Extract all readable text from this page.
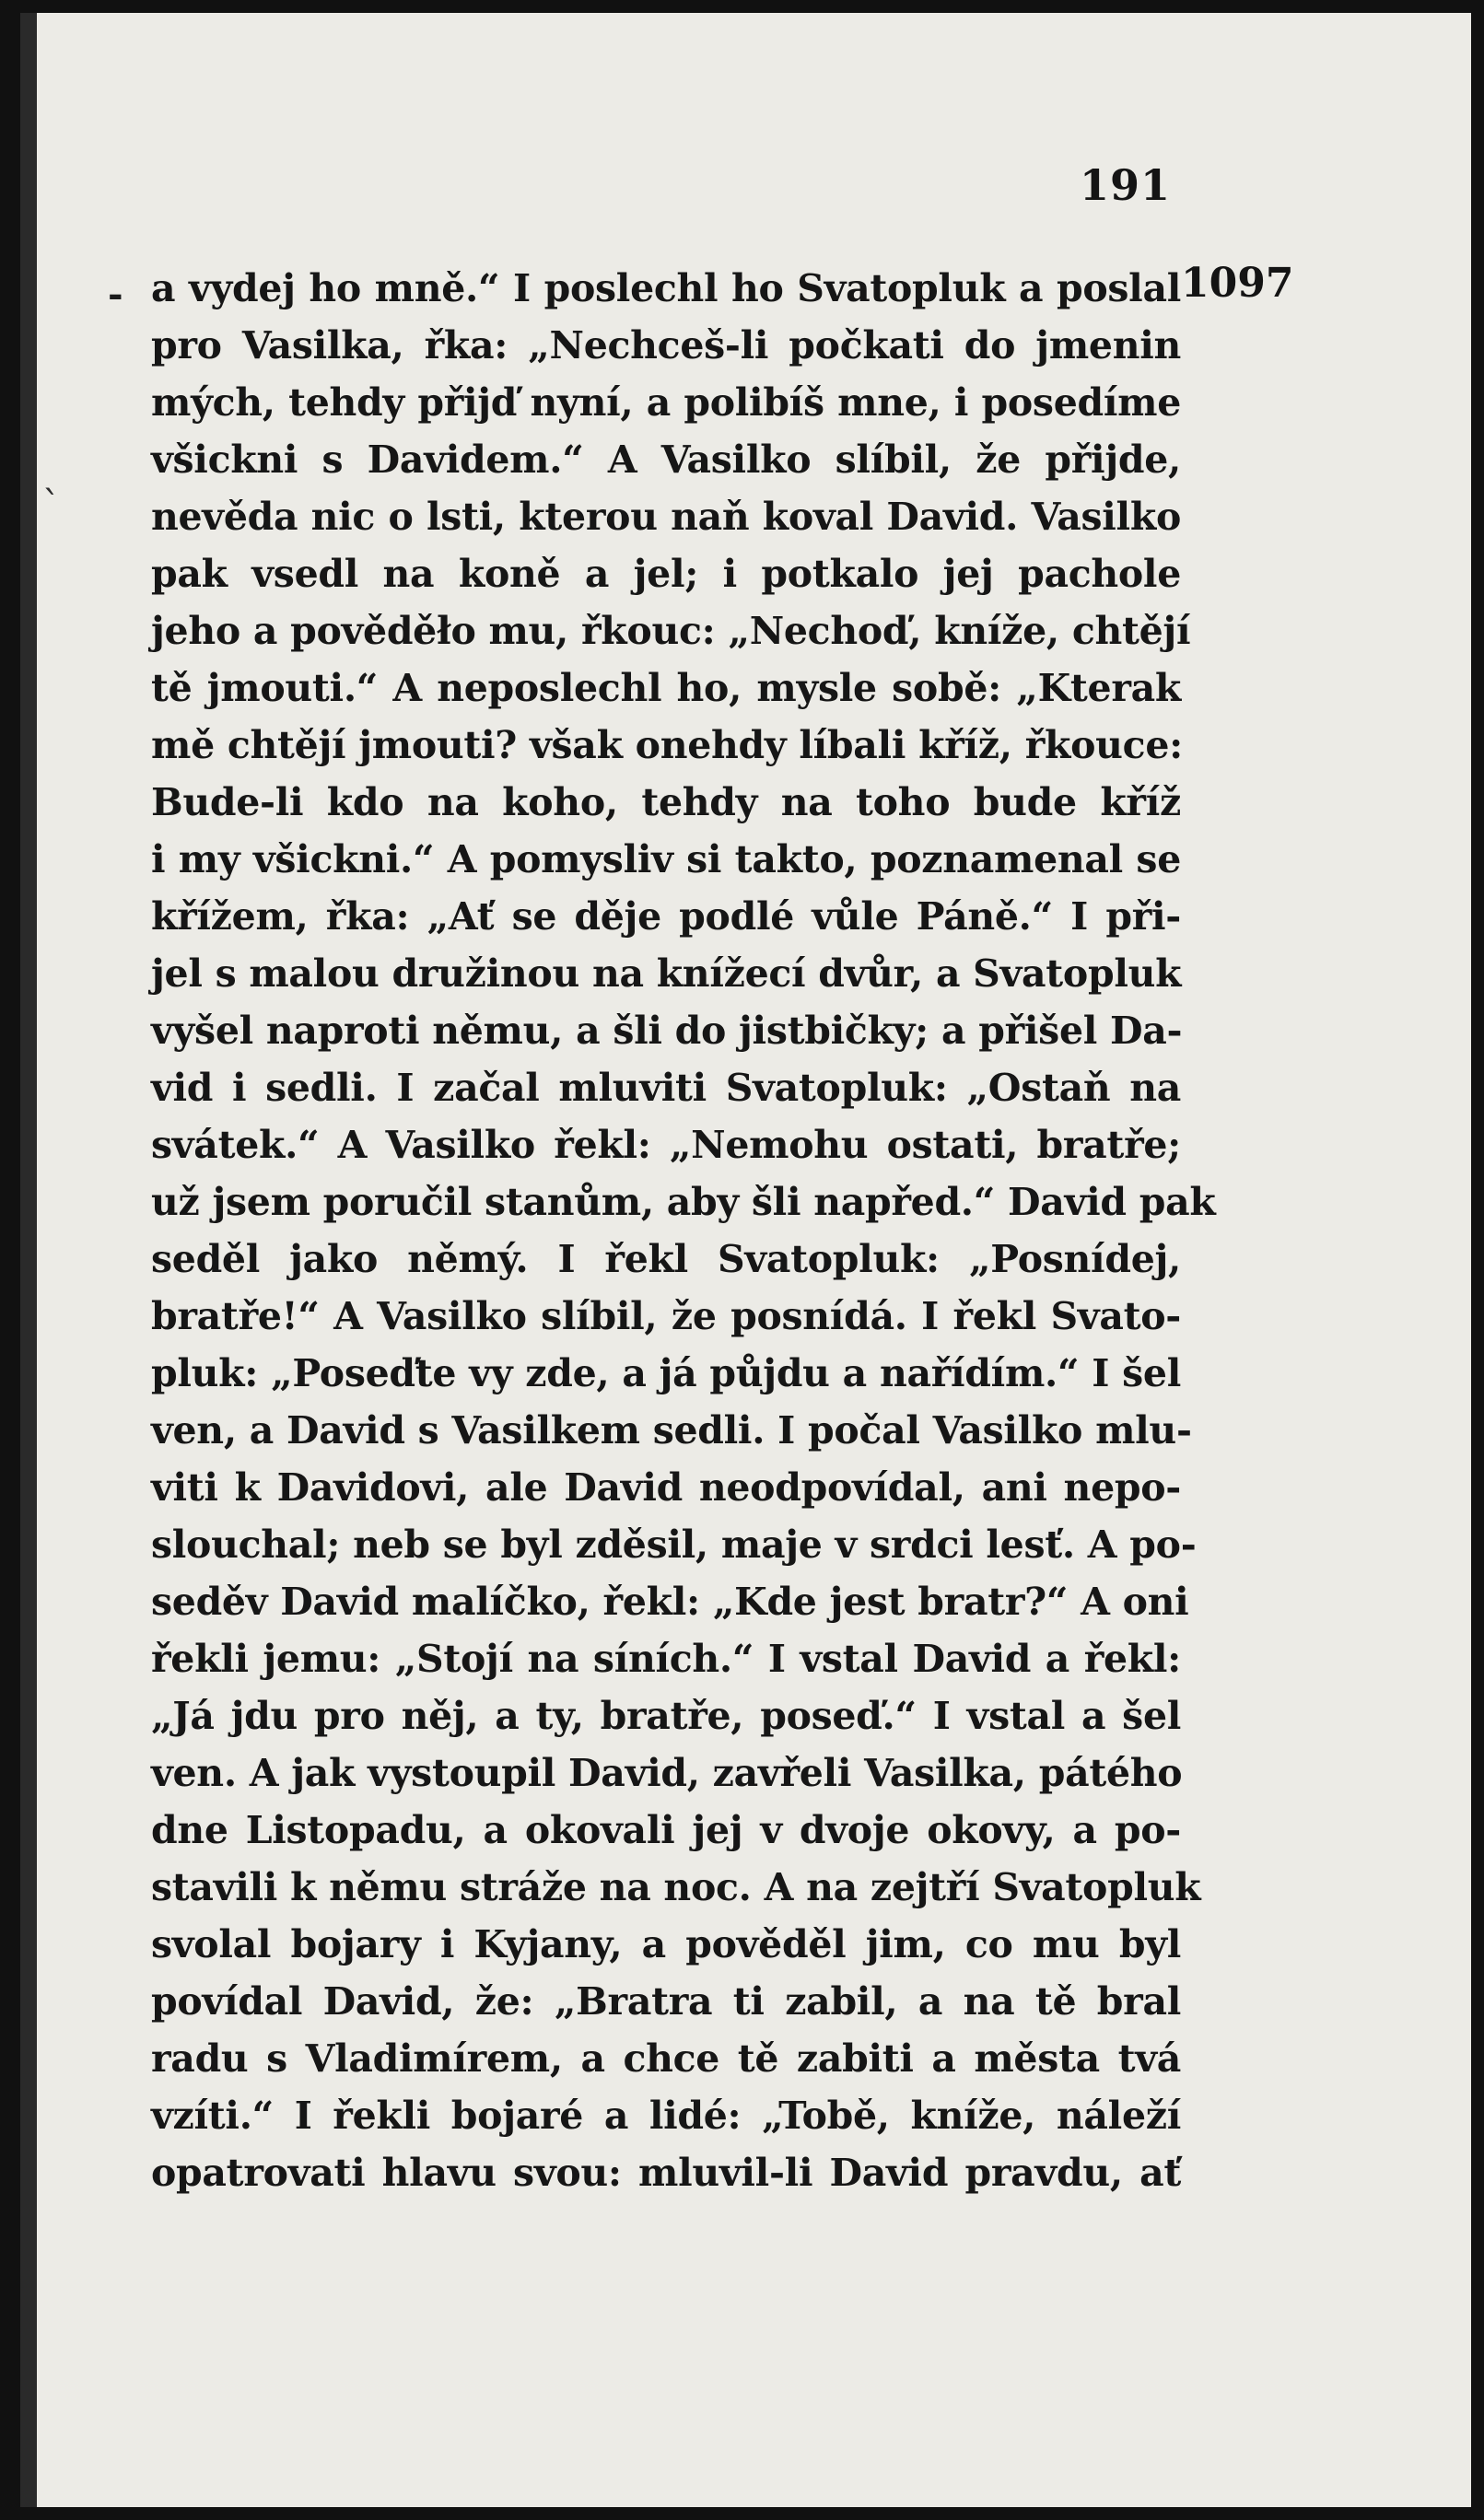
191
-
`
1097
a vydej ho mně.“ I poslechl ho Svatopluk a poslal
pro Vasilka, řka: „Nechceš-li počkati do jmenin
mých, tehdy přijď nyní, a polibíš mne, i posedíme
všickni s Davidem.“ A Vasilko slíbil, že přijde,
nevěda nic o lsti, kterou naň koval David. Vasilko
pak vsedl na koně a jel; i potkalo jej pachole
jeho a pověděło mu, řkouc: „Nechoď, kníže, chtějí
tě jmouti.“ A neposlechl ho, mysle sobě: „Kterak
mě chtějí jmouti? však onehdy líbali kříž, řkouce:
Bude-li kdo na koho, tehdy na toho bude kříž
i my všickni.“ A pomysliv si takto, poznamenal se
křížem, řka: „Ať se děje podlé vůle Páně.“ I při-
jel s malou družinou na knížecí dvůr, a Svatopluk
vyšel naproti němu, a šli do jistbičky; a přišel Da-
vid i sedli. I začal mluviti Svatopluk: „Ostaň na
svátek.“ A Vasilko řekl: „Nemohu ostati, bratře;
už jsem poručil stanům, aby šli napřed.“ David pak
seděl jako němý. I řekl Svatopluk: „Posnídej,
bratře!“ A Vasilko slíbil, že posnídá. I řekl Svato-
pluk: „Poseďte vy zde, a já půjdu a nařídím.“ I šel
ven, a David s Vasilkem sedli. I počal Vasilko mlu-
viti k Davidovi, ale David neodpovídal, ani nepo-
slouchal; neb se byl zděsil, maje v srdci lesť. A po-
seděv David malíčko, řekl: „Kde jest bratr?“ A oni
řekli jemu: „Stojí na síních.“ I vstal David a řekl:
„Já jdu pro něj, a ty, bratře, poseď.“ I vstal a šel
ven. A jak vystoupil David, zavřeli Vasilka, pátého
dne Listopadu, a okovali jej v dvoje okovy, a po-
stavili k němu stráže na noc. A na zejtří Svatopluk
svolal bojary i Kyjany, a pověděl jim, co mu byl
povídal David, že: „Bratra ti zabil, a na tě bral
radu s Vladimírem, a chce tě zabiti a města tvá
vzíti.“ I řekli bojaré a lidé: „Tobě, kníže, náleží
opatrovati hlavu svou: mluvil-li David pravdu, ať
